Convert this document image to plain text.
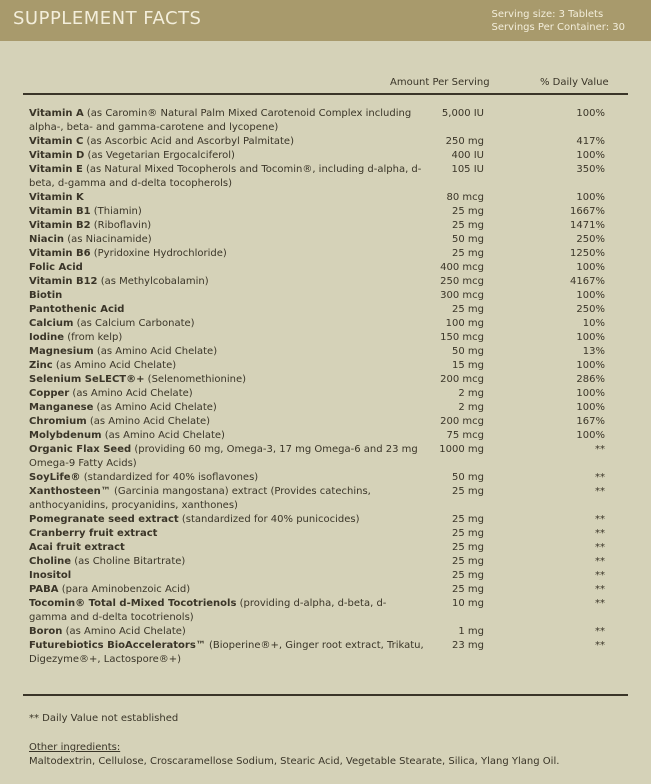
SUPPLEMENT FACTS	Serving size: 3 Tablets
Servings Per Container: 30
Amount Per Serving	% Daily Value
Vitamin A (as Caromin® Natural Palm Mixed Carotenoid Complex including alpha-, beta- and gamma-carotene and lycopene)
5,000 IU	100%
Vitamin C (as Ascorbic Acid and Ascorbyl Palmitate)	250 mg	417%
Vitamin D (as Vegetarian Ergocalciferol)	400 IU	100%
Vitamin E (as Natural Mixed Tocopherols and Tocomin®, including d-alpha, d-beta, d-gamma and d-delta tocopherols)
105 IU	350%
Vitamin K	80 mcg	100%
Vitamin B1 (Thiamin)	25 mg	1667%
Vitamin B2 (Riboflavin)	25 mg	1471%
Niacin (as Niacinamide)	50 mg	250%
Vitamin B6 (Pyridoxine Hydrochloride)	25 mg	1250%
Folic Acid	400 mcg	100%
Vitamin B12 (as Methylcobalamin)	250 mcg	4167%
Biotin	300 mcg	100%
Pantothenic Acid	25 mg	250%
Calcium (as Calcium Carbonate)	100 mg	10%
Iodine (from kelp)	150 mcg	100%
Magnesium (as Amino Acid Chelate)	50 mg	13%
Zinc (as Amino Acid Chelate)	15 mg	100%
Selenium SeLECT®+ (Selenomethionine)	200 mcg	286%
Copper (as Amino Acid Chelate)	2 mg	100%
Manganese (as Amino Acid Chelate)	2 mg	100%
Chromium (as Amino Acid Chelate)	200 mcg	167%
Molybdenum (as Amino Acid Chelate)	75 mcg	100%
Organic Flax Seed (providing 60 mg, Omega-3, 17 mg Omega-6 and 23 mg Omega-9 Fatty Acids)
1000 mg	**
SoyLife® (standardized for 40% isoflavones)	50 mg	**
Xanthosteen™ (Garcinia mangostana) extract (Provides catechins, anthocyanidins, procyanidins, xanthones)
25 mg	**
Pomegranate seed extract (standardized for 40% punicocides)	25 mg	**
Cranberry fruit extract	25 mg	**
Acai fruit extract	25 mg	**
Choline (as Choline Bitartrate)	25 mg	**
Inositol	25 mg	**
PABA (para Aminobenzoic Acid)	25 mg	**
Tocomin® Total d-Mixed Tocotrienols (providing d-alpha, d-beta, d-gamma and d-delta tocotrienols)
10 mg	**
Boron (as Amino Acid Chelate)	1 mg	**
Futurebiotics BioAccelerators™ (Bioperine®+, Ginger root extract, Trikatu, Digezyme®+, Lactospore®+)
23 mg	**
** Daily Value not established
Other ingredients:
Maltodextrin, Cellulose, Croscaramellose Sodium, Stearic Acid, Vegetable Stearate, Silica, Ylang Ylang Oil.
